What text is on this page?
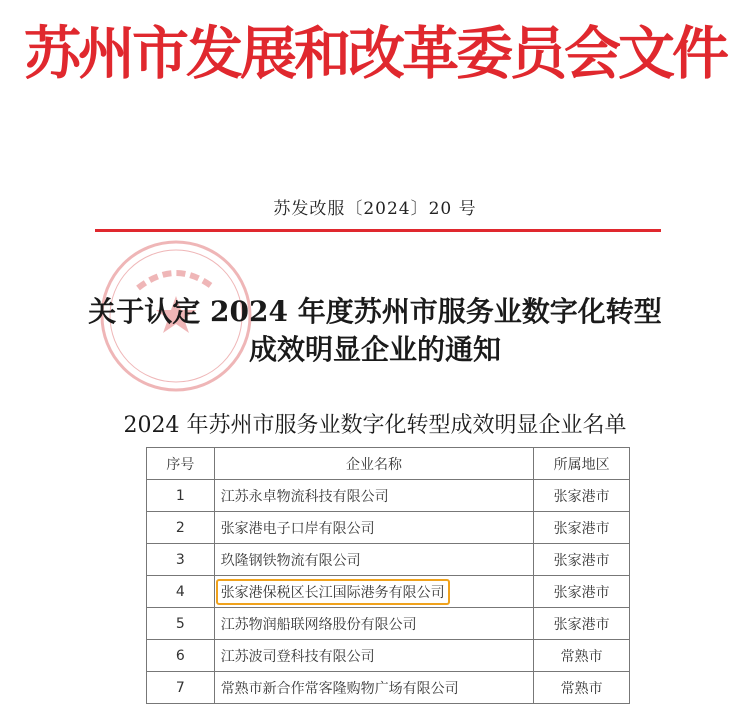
苏州市发展和改革委员会文件
苏发改服〔2024〕20 号
关于认定 2024 年度苏州市服务业数字化转型
成效明显企业的通知
2024 年苏州市服务业数字化转型成效明显企业名单
序号	企业名称	所属地区
1	江苏永卓物流科技有限公司	张家港市
2	张家港电子口岸有限公司	张家港市
3	玖隆钢铁物流有限公司	张家港市
4	张家港保税区长江国际港务有限公司	张家港市
5	江苏物润船联网络股份有限公司	张家港市
6	江苏波司登科技有限公司	常熟市
7	常熟市新合作常客隆购物广场有限公司	常熟市
